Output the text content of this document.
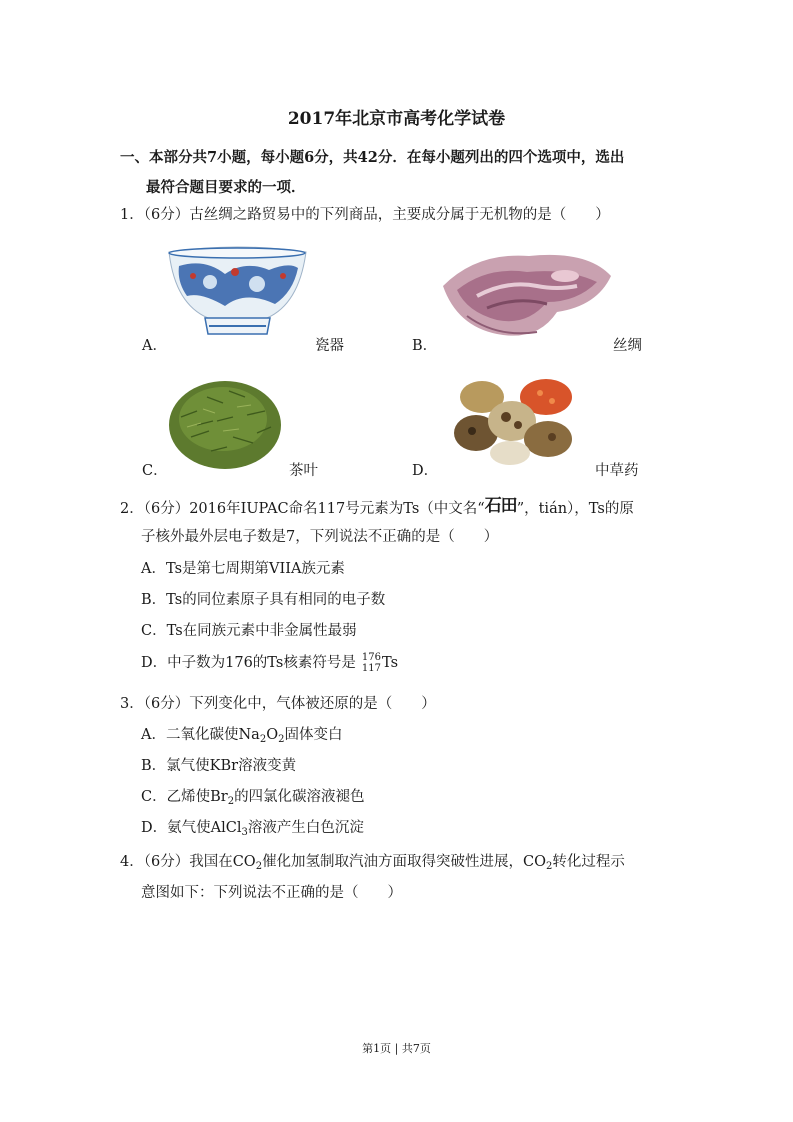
2017年北京市高考化学试卷
一、本部分共7小题，每小题6分，共42分．在每小题列出的四个选项中，选出
最符合题目要求的一项．
1．（6分）古丝绸之路贸易中的下列商品，主要成分属于无机物的是（　　）
A．	瓷器	B．	丝绸
C．	茶叶	D．	中草药
2．（6分）2016年IUPAC命名117号元素为Ts（中文名“石田”，tián），Ts的原
子核外最外层电子数是7，下列说法不正确的是（　　）
A．Ts是第七周期第VIIA族元素
B．Ts的同位素原子具有相同的电子数
C．Ts在同族元素中非金属性最弱
D．中子数为176的Ts核素符号是 176
117 Ts
3．（6分）下列变化中，气体被还原的是（　　）
A．二氧化碳使$Na_2O_2$固体变白
B．氯气使KBr溶液变黄
C．乙烯使$Br_2$的四氯化碳溶液褪色
D．氨气使AlCl$_3$溶液产生白色沉淀
4．（6分）我国在$CO_2$催化加氢制取汽油方面取得突破性进展，$CO_2$转化过程示
意图如下：下列说法不正确的是（　　）
第1页 | 共7页
